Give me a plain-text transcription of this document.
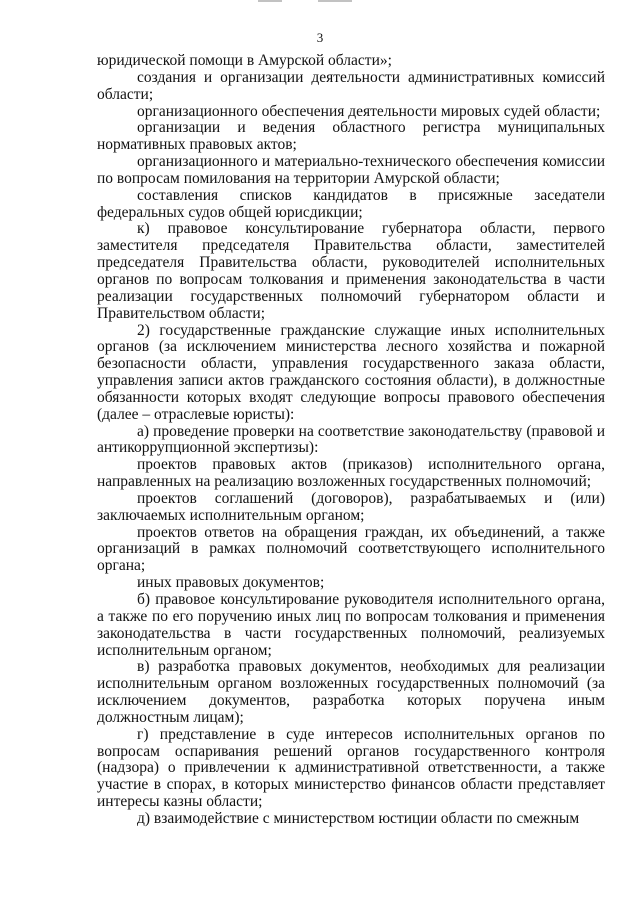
3

юридической помощи в Амурской области»;

создания и организации деятельности административных комиссий области;

организационного обеспечения деятельности мировых судей области;

организации и ведения областного регистра муниципальных нормативных правовых актов;

организационного и материально-технического обеспечения комиссии по вопросам помилования на территории Амурской области;

составления списков кандидатов в присяжные заседатели федеральных судов общей юрисдикции;

к) правовое консультирование губернатора области, первого заместителя председателя Правительства области, заместителей председателя Правительства области, руководителей исполнительных органов по вопросам толкования и применения законодательства в части реализации государственных полномочий губернатором области и Правительством области;

2) государственные гражданские служащие иных исполнительных органов (за исключением министерства лесного хозяйства и пожарной безопасности области, управления государственного заказа области, управления записи актов гражданского состояния области), в должностные обязанности которых входят следующие вопросы правового обеспечения (далее – отраслевые юристы):

а) проведение проверки на соответствие законодательству (правовой и антикоррупционной экспертизы):

проектов правовых актов (приказов) исполнительного органа, направленных на реализацию возложенных государственных полномочий;

проектов соглашений (договоров), разрабатываемых и (или) заключаемых исполнительным органом;

проектов ответов на обращения граждан, их объединений, а также организаций в рамках полномочий соответствующего исполнительного органа;

иных правовых документов;

б) правовое консультирование руководителя исполнительного органа, а также по его поручению иных лиц по вопросам толкования и применения законодательства в части государственных полномочий, реализуемых исполнительным органом;

в) разработка правовых документов, необходимых для реализации исполнительным органом возложенных государственных полномочий (за исключением документов, разработка которых поручена иным должностным лицам);

г) представление в суде интересов исполнительных органов по вопросам оспаривания решений органов государственного контроля (надзора) о привлечении к административной ответственности, а также участие в спорах, в которых министерство финансов области представляет интересы казны области;

д) взаимодействие с министерством юстиции области по смежным
